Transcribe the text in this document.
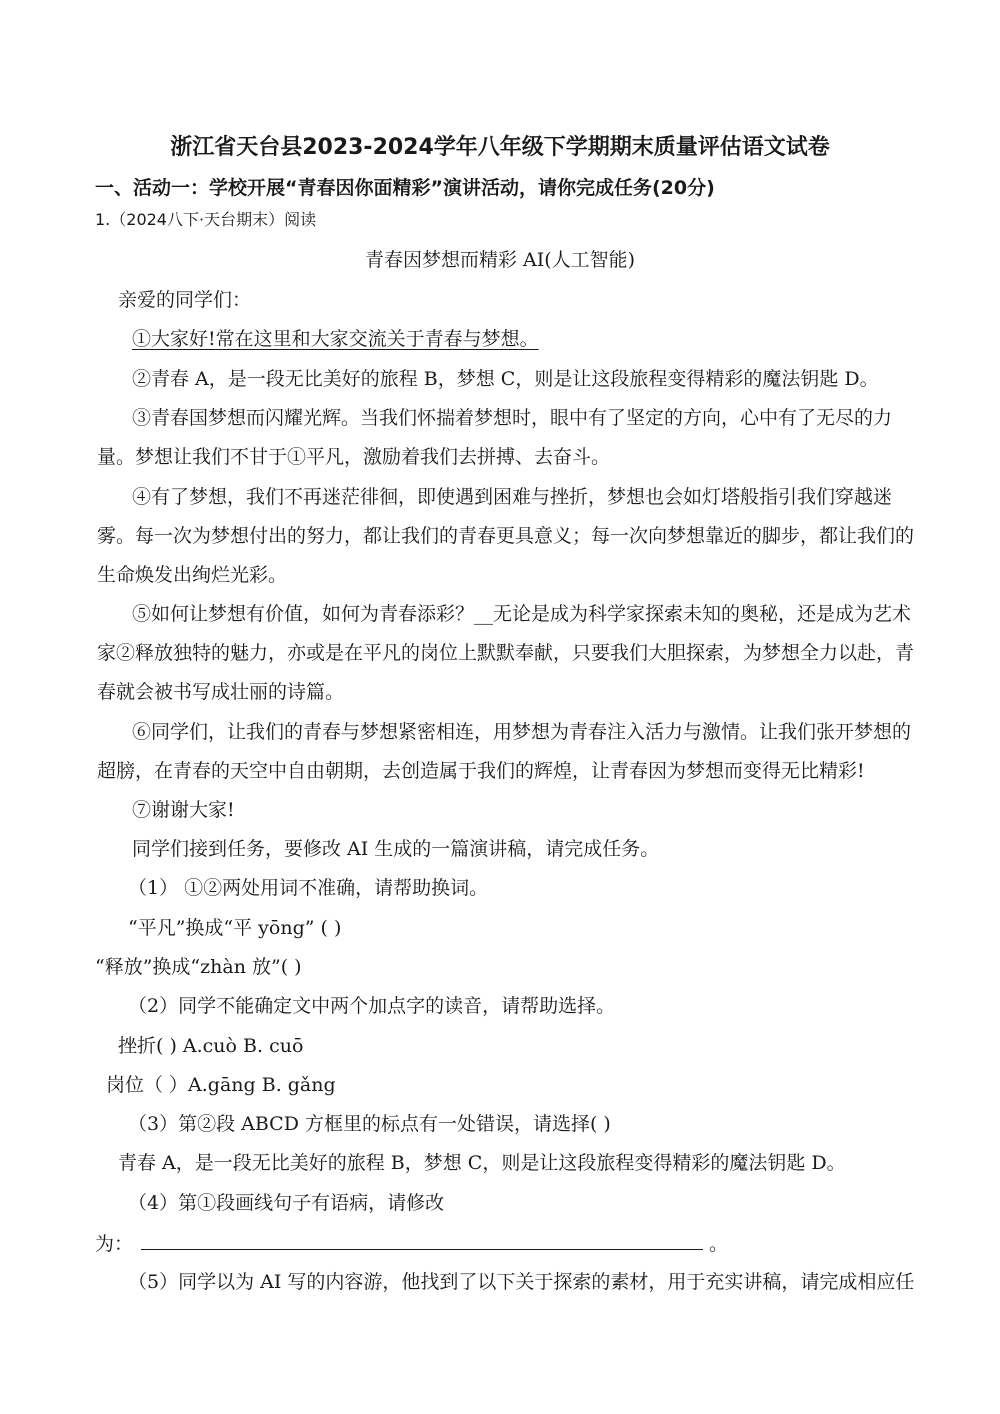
浙江省天台县2023-2024学年八年级下学期期末质量评估语文试卷
一、活动一：学校开展“青春因你面精彩”演讲活动，请你完成任务(20分)
1.（2024八下·天台期末）阅读
青春因梦想而精彩 AI(人工智能)
亲爱的同学们：
①大家好!常在这里和大家交流关于青春与梦想。
②青春 A，是一段无比美好的旅程 B，梦想 C，则是让这段旅程变得精彩的魔法钥匙 D。
③青春国梦想而闪耀光辉。当我们怀揣着梦想时，眼中有了坚定的方向，心中有了无尽的力
量。梦想让我们不甘于①平凡，激励着我们去拼搏、去奋斗。
④有了梦想，我们不再迷茫徘徊，即使遇到困难与挫折，梦想也会如灯塔般指引我们穿越迷
雾。每一次为梦想付出的努力，都让我们的青春更具意义；每一次向梦想靠近的脚步，都让我们的
生命焕发出绚烂光彩。
⑤如何让梦想有价值，如何为青春添彩？__无论是成为科学家探索未知的奥秘，还是成为艺术
家②释放独特的魅力，亦或是在平凡的岗位上默默奉献，只要我们大胆探索，为梦想全力以赴，青
春就会被书写成壮丽的诗篇。
⑥同学们，让我们的青春与梦想紧密相连，用梦想为青春注入活力与激情。让我们张开梦想的
超膀，在青春的天空中自由朝期，去创造属于我们的辉煌，让青春因为梦想而变得无比精彩!
⑦谢谢大家!
同学们接到任务，要修改 AI 生成的一篇演讲稿，请完成任务。
（1） ①②两处用词不准确，请帮助换词。
“平凡”换成“平 yōng” ( )
“释放”换成“zhàn 放”( )
（2）同学不能确定文中两个加点字的读音，请帮助选择。
挫折( ) A.cuò B. cuō
岗位（ ）A.gāng B. gǎng
（3）第②段 ABCD 方框里的标点有一处错误，请选择( )
青春 A，是一段无比美好的旅程 B，梦想 C，则是让这段旅程变得精彩的魔法钥匙 D。
（4）第①段画线句子有语病，请修改
为：	。
（5）同学以为 AI 写的内容游，他找到了以下关于探索的素材，用于充实讲稿，请完成相应任
